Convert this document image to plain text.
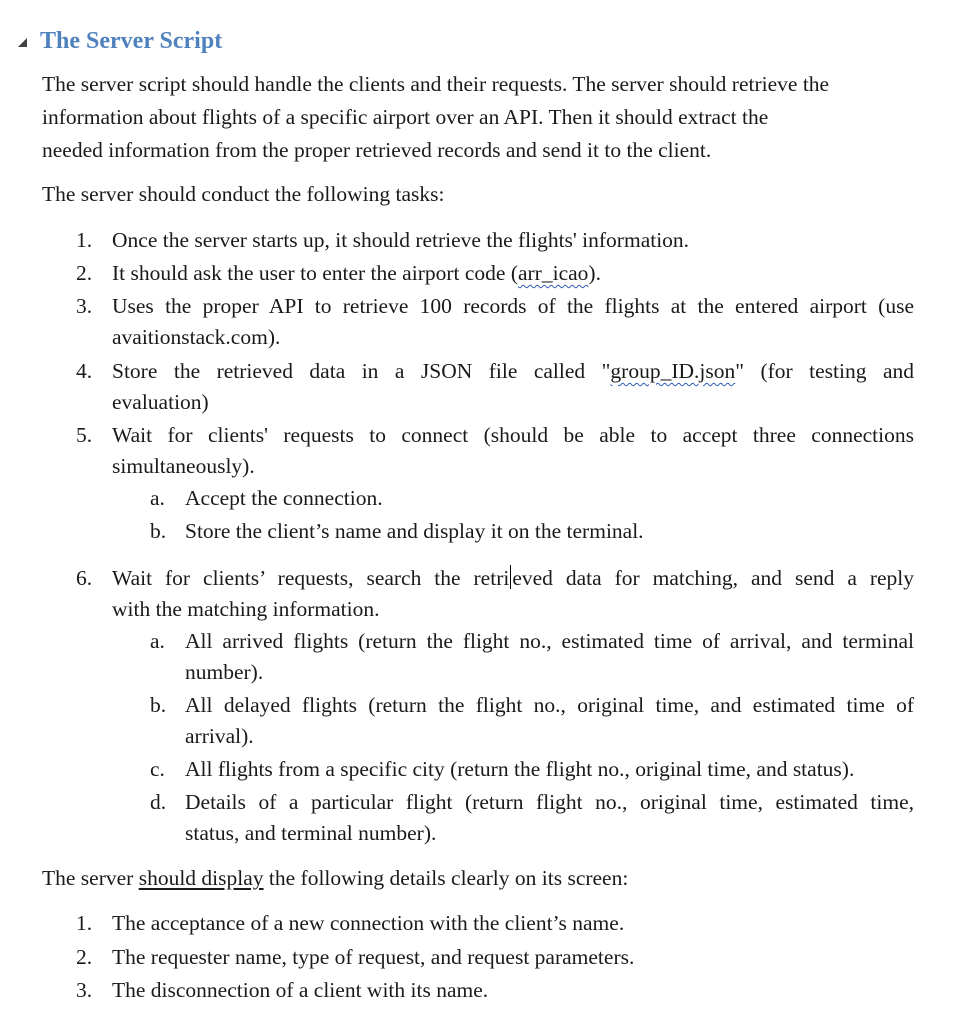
The Server Script
The server script should handle the clients and their requests. The server should retrieve the
information about flights of a specific airport over an API. Then it should extract the
needed information from the proper retrieved records and send it to the client.
The server should conduct the following tasks:
1. Once the server starts up, it should retrieve the flights' information.
2. It should ask the user to enter the airport code (arr_icao).
3. Uses the proper API to retrieve 100 records of the flights at the entered airport (use
avaitionstack.com).
4. Store the retrieved data in a JSON file called "group_ID.json" (for testing and
evaluation)
5. Wait for clients' requests to connect (should be able to accept three connections
simultaneously).
a. Accept the connection.
b. Store the client’s name and display it on the terminal.
6. Wait for clients’ requests, search the retri eved data for matching, and send a reply
with the matching information.
a. All arrived flights (return the flight no., estimated time of arrival, and terminal
number).
b. All delayed flights (return the flight no., original time, and estimated time of
arrival).
c. All flights from a specific city (return the flight no., original time, and status).
d. Details of a particular flight (return flight no., original time, estimated time,
status, and terminal number).
The server should display the following details clearly on its screen:
1. The acceptance of a new connection with the client’s name.
2. The requester name, type of request, and request parameters.
3. The disconnection of a client with its name.
